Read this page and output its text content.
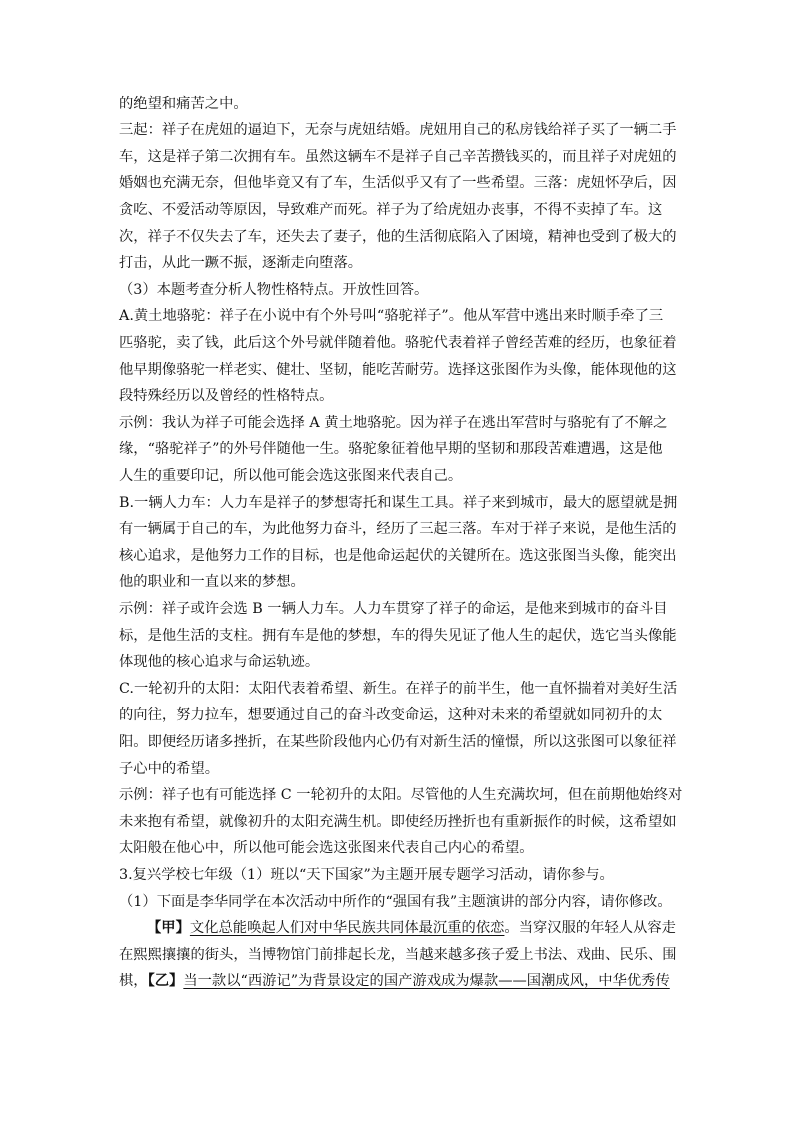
的绝望和痛苦之中。
三起：祥子在虎妞的逼迫下，无奈与虎妞结婚。虎妞用自己的私房钱给祥子买了一辆二手
车，这是祥子第二次拥有车。虽然这辆车不是祥子自己辛苦攒钱买的，而且祥子对虎妞的
婚姻也充满无奈，但他毕竟又有了车，生活似乎又有了一些希望。三落：虎妞怀孕后，因
贪吃、不爱活动等原因，导致难产而死。祥子为了给虎妞办丧事，不得不卖掉了车。这
次，祥子不仅失去了车，还失去了妻子，他的生活彻底陷入了困境，精神也受到了极大的
打击，从此一蹶不振，逐渐走向堕落。
（3）本题考查分析人物性格特点。开放性回答。
A.黄土地骆驼：祥子在小说中有个外号叫“骆驼祥子”。他从军营中逃出来时顺手牵了三
匹骆驼，卖了钱，此后这个外号就伴随着他。骆驼代表着祥子曾经苦难的经历，也象征着
他早期像骆驼一样老实、健壮、坚韧，能吃苦耐劳。选择这张图作为头像，能体现他的这
段特殊经历以及曾经的性格特点。
示例：我认为祥子可能会选择 A 黄土地骆驼。因为祥子在逃出军营时与骆驼有了不解之
缘，“骆驼祥子”的外号伴随他一生。骆驼象征着他早期的坚韧和那段苦难遭遇，这是他
人生的重要印记，所以他可能会选这张图来代表自己。
B.一辆人力车：人力车是祥子的梦想寄托和谋生工具。祥子来到城市，最大的愿望就是拥
有一辆属于自己的车，为此他努力奋斗，经历了三起三落。车对于祥子来说，是他生活的
核心追求，是他努力工作的目标，也是他命运起伏的关键所在。选这张图当头像，能突出
他的职业和一直以来的梦想。
示例：祥子或许会选 B 一辆人力车。人力车贯穿了祥子的命运，是他来到城市的奋斗目
标，是他生活的支柱。拥有车是他的梦想，车的得失见证了他人生的起伏，选它当头像能
体现他的核心追求与命运轨迹。
C.一轮初升的太阳：太阳代表着希望、新生。在祥子的前半生，他一直怀揣着对美好生活
的向往，努力拉车，想要通过自己的奋斗改变命运，这种对未来的希望就如同初升的太
阳。即便经历诸多挫折，在某些阶段他内心仍有对新生活的憧憬，所以这张图可以象征祥
子心中的希望。
示例：祥子也有可能选择 C 一轮初升的太阳。尽管他的人生充满坎坷，但在前期他始终对
未来抱有希望，就像初升的太阳充满生机。即使经历挫折也有重新振作的时候，这希望如
太阳般在他心中，所以他可能会选这张图来代表自己内心的希望。
3.复兴学校七年级（1）班以“天下国家”为主题开展专题学习活动，请你参与。
（1）下面是李华同学在本次活动中所作的“强国有我”主题演讲的部分内容，请你修改。
【甲】文化总能唤起人们对中华民族共同体最沉重的依恋。当穿汉服的年轻人从容走
在熙熙攘攘的街头，当博物馆门前排起长龙，当越来越多孩子爱上书法、戏曲、民乐、围
棋，【乙】当一款以“西游记”为背景设定的国产游戏成为爆款——国潮成风，中华优秀传
